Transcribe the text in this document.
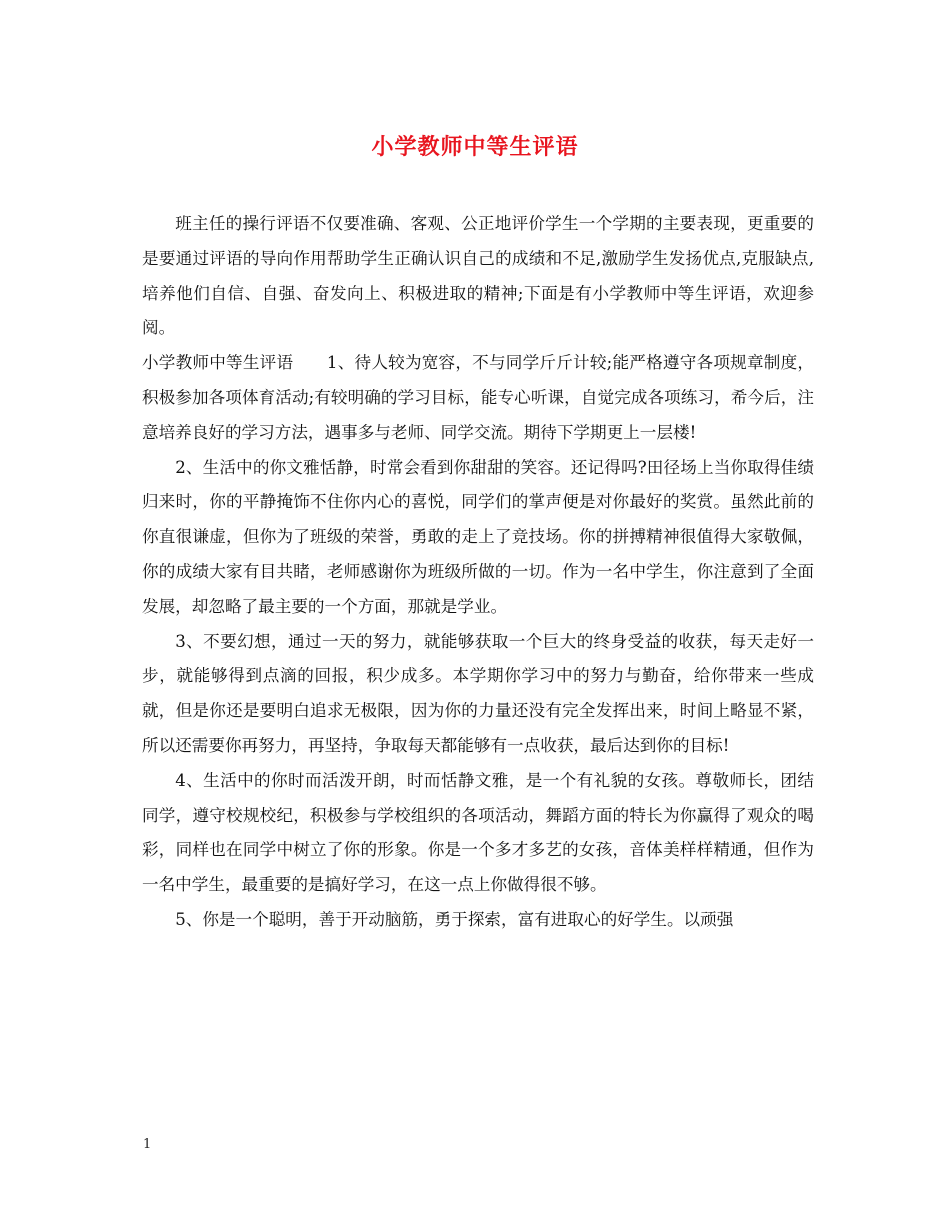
小学教师中等生评语

班主任的操行评语不仅要准确、客观、公正地评价学生一个学期的主要表现，更重要的是要通过评语的导向作用帮助学生正确认识自己的成绩和不足,激励学生发扬优点,克服缺点,培养他们自信、自强、奋发向上、积极进取的精神;下面是有小学教师中等生评语，欢迎参阅。

小学教师中等生评语　　1、待人较为宽容，不与同学斤斤计较;能严格遵守各项规章制度，积极参加各项体育活动;有较明确的学习目标，能专心听课，自觉完成各项练习，希今后，注意培养良好的学习方法，遇事多与老师、同学交流。期待下学期更上一层楼!

2、生活中的你文雅恬静，时常会看到你甜甜的笑容。还记得吗?田径场上当你取得佳绩归来时，你的平静掩饰不住你内心的喜悦，同学们的掌声便是对你最好的奖赏。虽然此前的你直很谦虚，但你为了班级的荣誉，勇敢的走上了竞技场。你的拼搏精神很值得大家敬佩，你的成绩大家有目共睹，老师感谢你为班级所做的一切。作为一名中学生，你注意到了全面发展，却忽略了最主要的一个方面，那就是学业。

3、不要幻想，通过一天的努力，就能够获取一个巨大的终身受益的收获，每天走好一步，就能够得到点滴的回报，积少成多。本学期你学习中的努力与勤奋，给你带来一些成就，但是你还是要明白追求无极限，因为你的力量还没有完全发挥出来，时间上略显不紧，所以还需要你再努力，再坚持，争取每天都能够有一点收获，最后达到你的目标!

4、生活中的你时而活泼开朗，时而恬静文雅，是一个有礼貌的女孩。尊敬师长，团结同学，遵守校规校纪，积极参与学校组织的各项活动，舞蹈方面的特长为你赢得了观众的喝彩，同样也在同学中树立了你的形象。你是一个多才多艺的女孩，音体美样样精通，但作为一名中学生，最重要的是搞好学习，在这一点上你做得很不够。

5、你是一个聪明，善于开动脑筋，勇于探索，富有进取心的好学生。以顽强

1
